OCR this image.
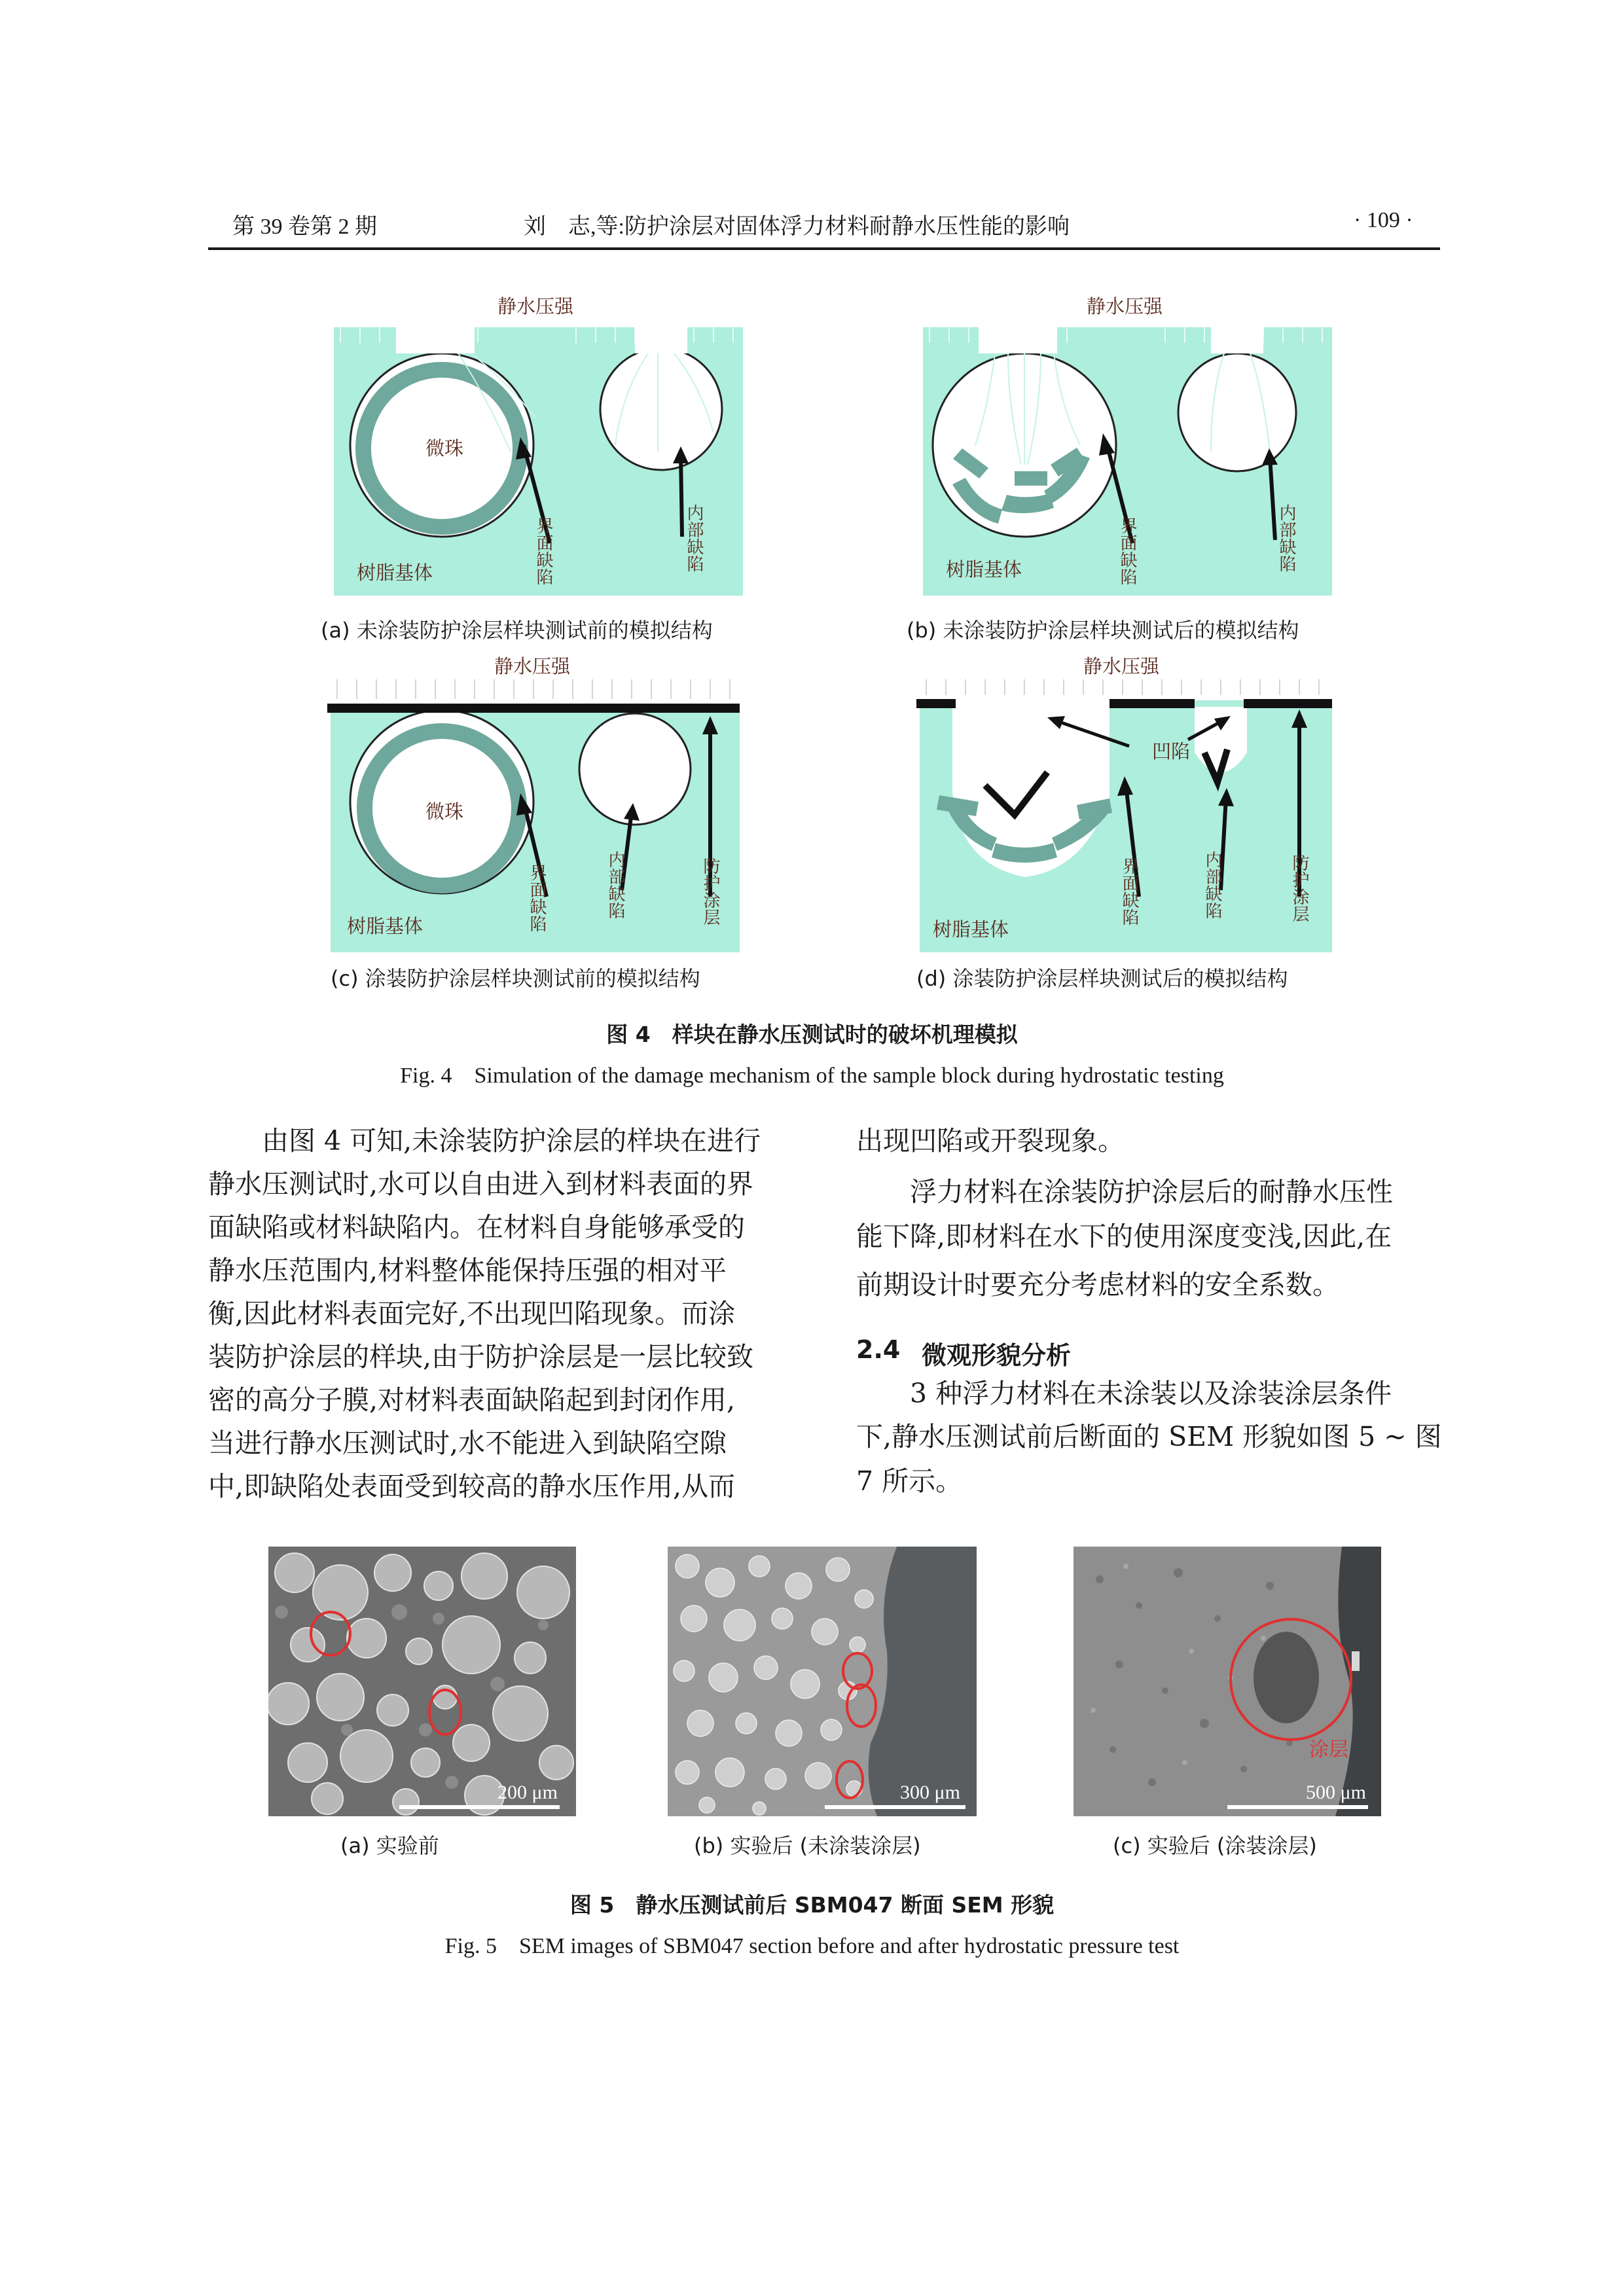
第 39 卷第 2 期	刘　志,等:防护涂层对固体浮力材料耐静水压性能的影响	· 109 ·
静水压强
微珠
树脂基体	界面缺陷	内部缺陷
(a) 未涂装防护涂层样块测试前的模拟结构
静水压强
树脂基体	界面缺陷	内部缺陷
(b) 未涂装防护涂层样块测试后的模拟结构
静水压强
微珠
树脂基体	界面缺陷	内部缺陷	防护涂层
(c) 涂装防护涂层样块测试前的模拟结构
静水压强
凹陷
树脂基体
界面缺陷	内部缺陷	防护涂层
(d) 涂装防护涂层样块测试后的模拟结构
图 4　样块在静水压测试时的破坏机理模拟
Fig. 4　Simulation of the damage mechanism of the sample block during hydrostatic testing
由图 4 可知,未涂装防护涂层的样块在进行
静水压测试时,水可以自由进入到材料表面的界
面缺陷或材料缺陷内。在材料自身能够承受的
静水压范围内,材料整体能保持压强的相对平
衡,因此材料表面完好,不出现凹陷现象。而涂
装防护涂层的样块,由于防护涂层是一层比较致
密的高分子膜,对材料表面缺陷起到封闭作用,
当进行静水压测试时,水不能进入到缺陷空隙
中,即缺陷处表面受到较高的静水压作用,从而
出现凹陷或开裂现象。
浮力材料在涂装防护涂层后的耐静水压性
能下降,即材料在水下的使用深度变浅,因此,在
前期设计时要充分考虑材料的安全系数。
3 种浮力材料在未涂装以及涂装涂层条件
下,静水压测试前后断面的 SEM 形貌如图 5 ~ 图
7 所示。
2.4 微观形貌分析
200 μm
(a) 实验前
300 μm
(b) 实验后 (未涂装涂层)
涂层
500 μm
(c) 实验后 (涂装涂层)
图 5　静水压测试前后 SBM047 断面 SEM 形貌
Fig. 5　SEM images of SBM047 section before and after hydrostatic pressure test
